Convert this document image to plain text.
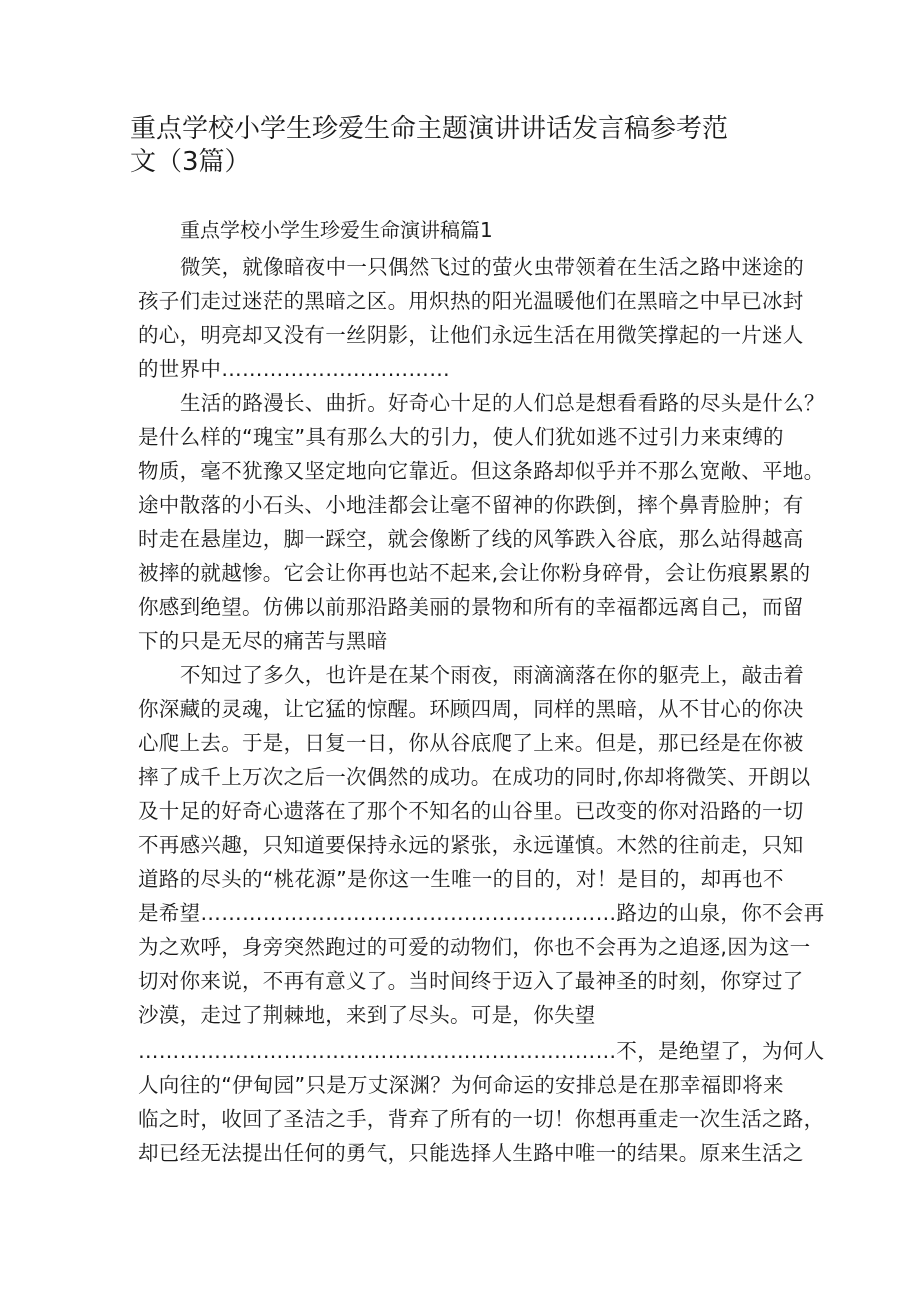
重点学校小学生珍爱生命主题演讲讲话发言稿参考范
文（3篇）
重点学校小学生珍爱生命演讲稿篇1
微笑，就像暗夜中一只偶然飞过的萤火虫带领着在生活之路中迷途的
孩子们走过迷茫的黑暗之区。用炽热的阳光温暖他们在黑暗之中早已冰封
的心，明亮却又没有一丝阴影，让他们永远生活在用微笑撑起的一片迷人
的世界中……………………………
生活的路漫长、曲折。好奇心十足的人们总是想看看路的尽头是什么？
是什么样的“瑰宝”具有那么大的引力，使人们犹如逃不过引力来束缚的
物质，毫不犹豫又坚定地向它靠近。但这条路却似乎并不那么宽敞、平地。
途中散落的小石头、小地洼都会让毫不留神的你跌倒，摔个鼻青脸肿；有
时走在悬崖边，脚一踩空，就会像断了线的风筝跌入谷底，那么站得越高
被摔的就越惨。它会让你再也站不起来,会让你粉身碎骨，会让伤痕累累的
你感到绝望。仿佛以前那沿路美丽的景物和所有的幸福都远离自己，而留
下的只是无尽的痛苦与黑暗
不知过了多久，也许是在某个雨夜，雨滴滴落在你的躯壳上，敲击着
你深藏的灵魂，让它猛的惊醒。环顾四周，同样的黑暗，从不甘心的你决
心爬上去。于是，日复一日，你从谷底爬了上来。但是，那已经是在你被
摔了成千上万次之后一次偶然的成功。在成功的同时,你却将微笑、开朗以
及十足的好奇心遗落在了那个不知名的山谷里。已改变的你对沿路的一切
不再感兴趣，只知道要保持永远的紧张，永远谨慎。木然的往前走，只知
道路的尽头的“桃花源”是你这一生唯一的目的，对！是目的，却再也不
是希望……………………………………………………路边的山泉，你不会再
为之欢呼，身旁突然跑过的可爱的动物们，你也不会再为之追逐,因为这一
切对你来说，不再有意义了。当时间终于迈入了最神圣的时刻，你穿过了
沙漠，走过了荆棘地，来到了尽头。可是，你失望
……………………………………………………………不，是绝望了，为何人
人向往的“伊甸园”只是万丈深渊？为何命运的安排总是在那幸福即将来
临之时，收回了圣洁之手，背弃了所有的一切！你想再重走一次生活之路，
却已经无法提出任何的勇气，只能选择人生路中唯一的结果。原来生活之
